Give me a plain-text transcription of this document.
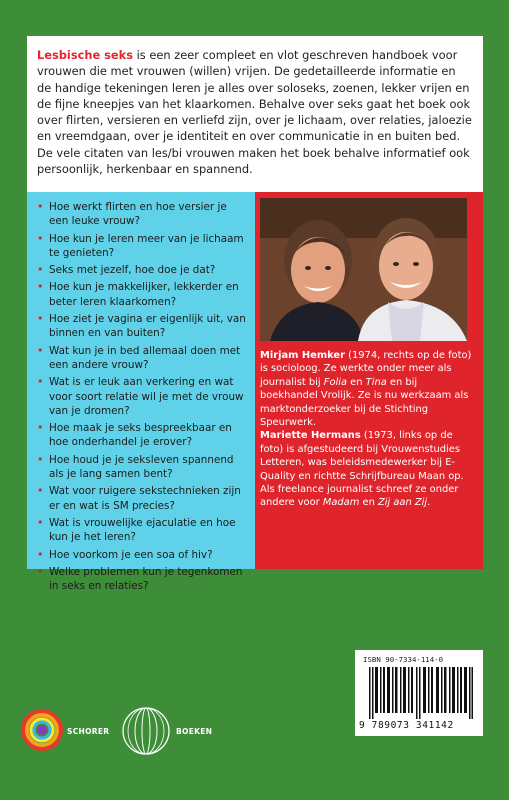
Lesbische seks is een zeer compleet en vlot geschreven handboek voor vrouwen die met vrouwen (willen) vrijen. De gedetailleerde informatie en de handige tekeningen leren je alles over soloseks, zoenen, lekker vrijen en de fijne kneepjes van het klaarkomen. Behalve over seks gaat het boek ook over flirten, versieren en verliefd zijn, over je lichaam, over relaties, jaloezie en vreemdgaan, over je identiteit en over communicatie in en buiten bed. De vele citaten van les/bi vrouwen maken het boek behalve informatief ook persoonlijk, herkenbaar en spannend.
• Hoe werkt flirten en hoe versier je een leuke vrouw?
• Hoe kun je leren meer van je lichaam te genieten?
• Seks met jezelf, hoe doe je dat?
• Hoe kun je makkelijker, lekkerder en beter leren klaarkomen?
• Hoe ziet je vagina er eigenlijk uit, van binnen en van buiten?
• Wat kun je in bed allemaal doen met een andere vrouw?
• Wat is er leuk aan verkering en wat voor soort relatie wil je met de vrouw van je dromen?
• Hoe maak je seks bespreekbaar en hoe onderhandel je erover?
• Hoe houd je je seksleven spannend als je lang samen bent?
• Wat voor ruigere sekstechnieken zijn er en wat is SM precies?
• Wat is vrouwelijke ejaculatie en hoe kun je het leren?
• Hoe voorkom je een soa of hiv?
• Welke problemen kun je tegenkomen in seks en relaties?
Mirjam Hemker (1974, rechts op de foto) is socioloog. Ze werkte onder meer als journalist bij Folia en Tina en bij boekhandel Vrolijk. Ze is nu werkzaam als marktonderzoeker bij de Stichting Speurwerk.
Mariette Hermans (1973, links op de foto) is afgestudeerd bij Vrouwenstudies Letteren, was beleidsmedewerker bij E-Quality en richtte Schrijfbureau Maan op. Als freelance journalist schreef ze onder andere voor Madam en Zij aan Zij.
ISBN 90-7334-114-0
9 789073 341142
SCHORER	BOEKEN
